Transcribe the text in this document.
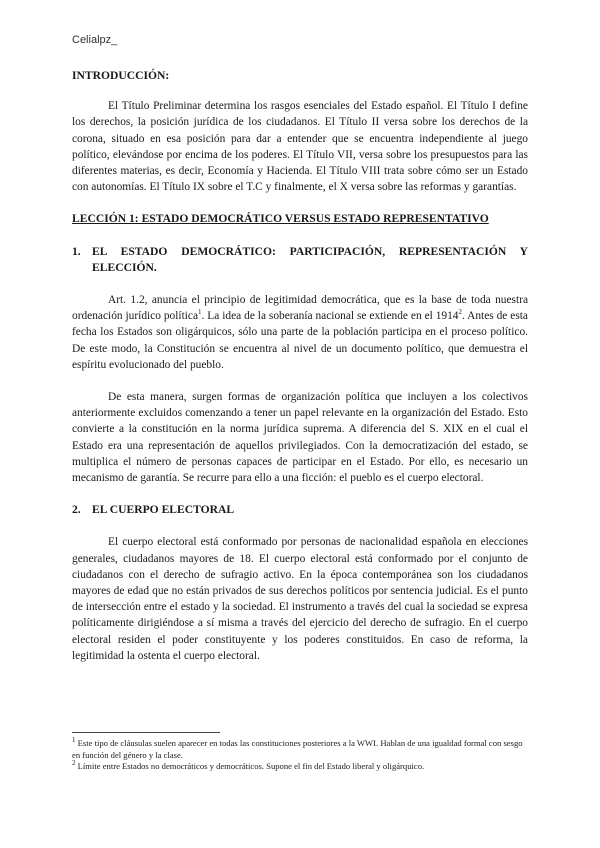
Celialpz_
INTRODUCCIÓN:

El Título Preliminar determina los rasgos esenciales del Estado español. El Título I define los derechos, la posición jurídica de los ciudadanos. El Título II versa sobre los derechos de la corona, situado en esa posición para dar a entender que se encuentra independiente al juego político, elevándose por encima de los poderes. El Título VII, versa sobre los presupuestos para las diferentes materias, es decir, Economía y Hacienda. El Título VIII trata sobre cómo ser un Estado con autonomías. El Título IX sobre el T.C y finalmente, el X versa sobre las reformas y garantías.

LECCIÓN 1: ESTADO DEMOCRÁTICO VERSUS ESTADO REPRESENTATIVO
1. EL ESTADO DEMOCRÁTICO: PARTICIPACIÓN, REPRESENTACIÓN Y ELECCIÓN.

Art. 1.2, anuncia el principio de legitimidad democrática, que es la base de toda nuestra ordenación jurídico política$^1$. La idea de la soberanía nacional se extiende en el 1914$^2$. Antes de esta fecha los Estados son oligárquicos, sólo una parte de la población participa en el proceso político. De este modo, la Constitución se encuentra al nivel de un documento político, que demuestra el espíritu evolucionado del pueblo.

De esta manera, surgen formas de organización política que incluyen a los colectivos anteriormente excluidos comenzando a tener un papel relevante en la organización del Estado. Esto convierte a la constitución en la norma jurídica suprema. A diferencia del S. XIX en el cual el Estado era una representación de aquellos privilegiados. Con la democratización del estado, se multiplica el número de personas capaces de participar en el Estado. Por ello, es necesario un mecanismo de garantía. Se recurre para ello a una ficción: el pueblo es el cuerpo electoral.

2. EL CUERPO ELECTORAL

El cuerpo electoral está conformado por personas de nacionalidad española en elecciones generales, ciudadanos mayores de 18. El cuerpo electoral está conformado por el conjunto de ciudadanos con el derecho de sufragio activo. En la época contemporánea son los ciudadanos mayores de edad que no están privados de sus derechos políticos por sentencia judicial. Es el punto de intersección entre el estado y la sociedad. El instrumento a través del cual la sociedad se expresa políticamente dirigiéndose a sí misma a través del ejercicio del derecho de sufragio. En el cuerpo electoral residen el poder constituyente y los poderes constituidos. En caso de reforma, la legitimidad la ostenta el cuerpo electoral.

$^1$ Este tipo de cláusulas suelen aparecer en todas las constituciones posteriores a la WWI. Hablan de una igualdad formal con sesgo en función del género y la clase.
$^2$ Límite entre Estados no democráticos y democráticos. Supone el fin del Estado liberal y oligárquico.
